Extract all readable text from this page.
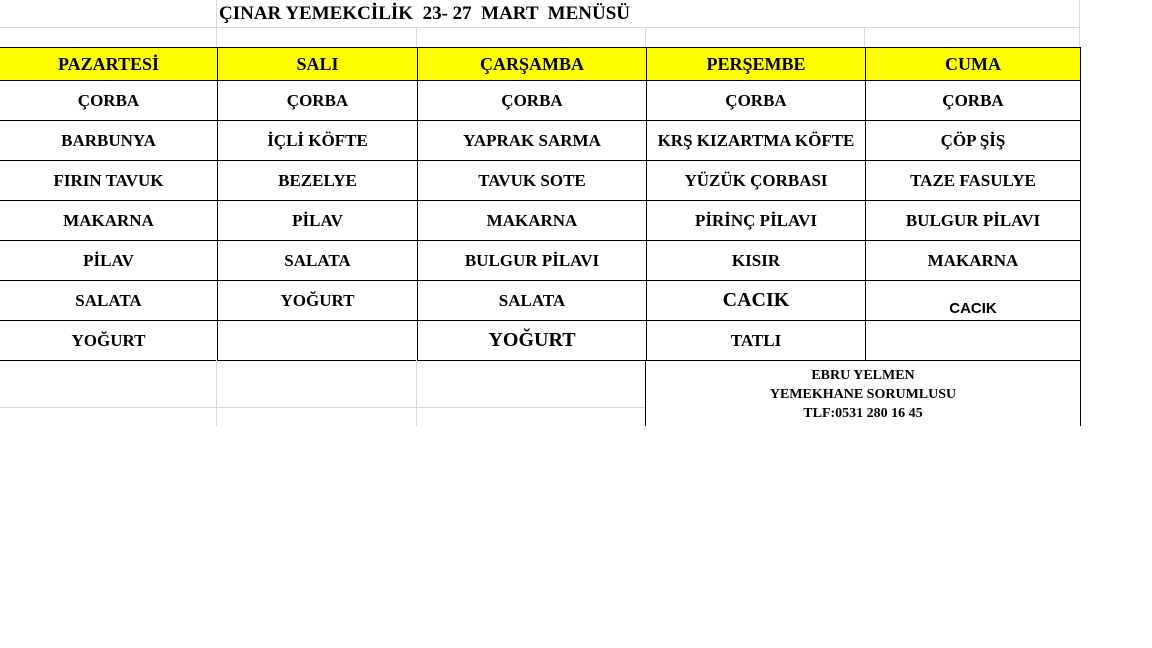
ÇINAR YEMEKCİLİK  23- 27  MART  MENÜSÜ
PAZARTESİ	SALI	ÇARŞAMBA	PERŞEMBE	CUMA
ÇORBA	ÇORBA	ÇORBA	ÇORBA	ÇORBA
BARBUNYA	İÇLİ KÖFTE	YAPRAK SARMA	KRŞ KIZARTMA KÖFTE	ÇÖP ŞİŞ
FIRIN TAVUK	BEZELYE	TAVUK SOTE	YÜZÜK ÇORBASI	TAZE FASULYE
MAKARNA	PİLAV	MAKARNA	PİRİNÇ PİLAVI	BULGUR PİLAVI
PİLAV	SALATA	BULGUR PİLAVI	KISIR	MAKARNA
SALATA	YOĞURT	SALATA	CACIK	CACIK
YOĞURT		YOĞURT	TATLI	
EBRU YELMEN
YEMEKHANE SORUMLUSU
TLF:0531 280 16 45
